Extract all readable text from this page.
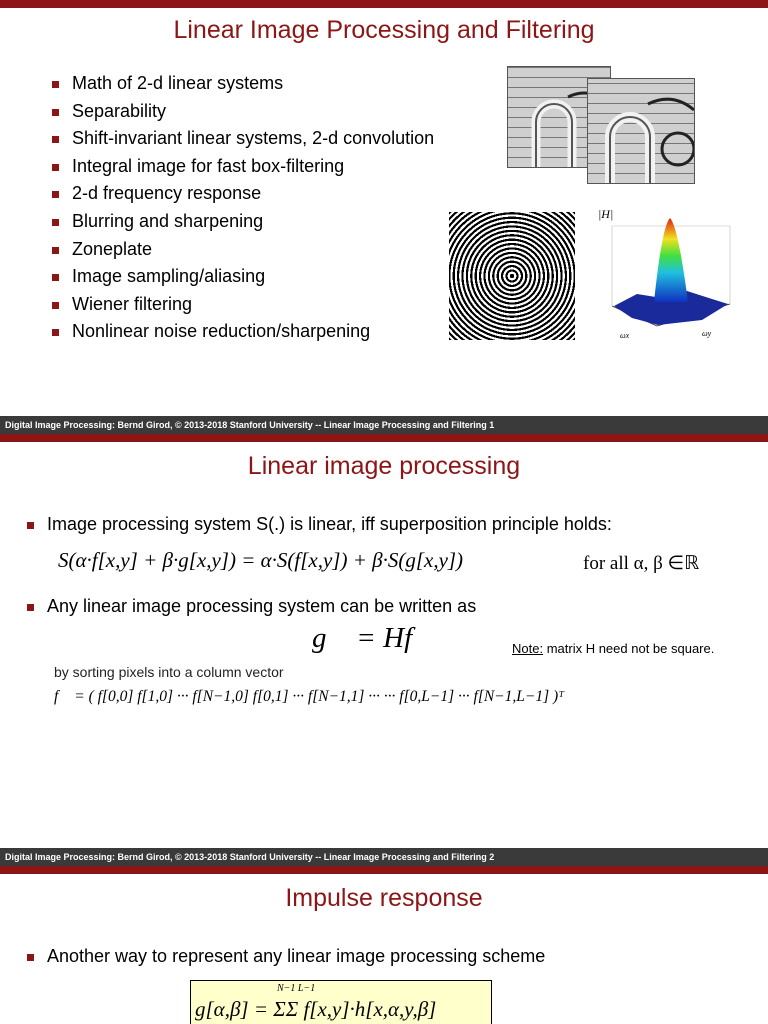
Linear Image Processing and Filtering
Math of 2-d linear systems
Separability
Shift-invariant linear systems, 2-d convolution
Integral image for fast box-filtering
2-d frequency response
Blurring and sharpening
Zoneplate
Image sampling/aliasing
Wiener filtering
Nonlinear noise reduction/sharpening
|H|
ωx	ωy
Digital Image Processing: Bernd Girod, © 2013-2018 Stanford University -- Linear Image Processing and Filtering 1
Linear image processing
Image processing system S(.) is linear, iff superposition principle holds:
S(α·f[x,y] + β·g[x,y]) = α·S(f[x,y]) + β·S(g[x,y])	for all α, β ∈ℝ
Any linear image processing system can be written as
g⃗ = Hf⃗	Note: matrix H need not be square.
by sorting pixels into a column vector
f⃗ = ( f[0,0] f[1,0] ··· f[N−1,0] f[0,1] ··· f[N−1,1] ··· ··· f[0,L−1] ··· f[N−1,L−1] )ᵀ
Digital Image Processing: Bernd Girod, © 2013-2018 Stanford University -- Linear Image Processing and Filtering 2
Impulse response
Another way to represent any linear image processing scheme
N−1 L−1
g[α,β] = ΣΣ f[x,y]·h[x,α,y,β]
